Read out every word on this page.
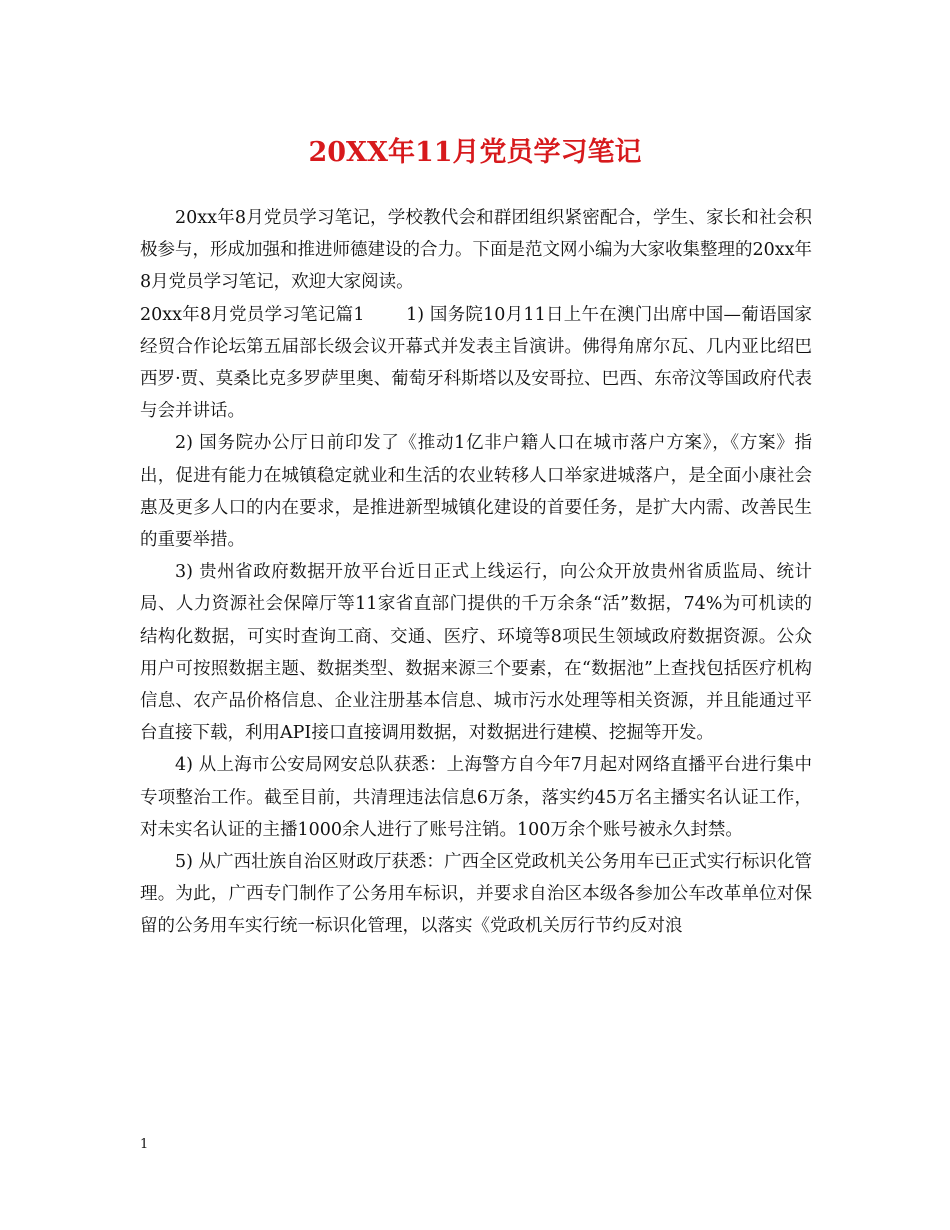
20XX年11月党员学习笔记

20xx年8月党员学习笔记，学校教代会和群团组织紧密配合，学生、家长和社会积极参与，形成加强和推进师德建设的合力。下面是范文网小编为大家收集整理的20xx年8月党员学习笔记，欢迎大家阅读。

20xx年8月党员学习笔记篇1　　 1) 国务院10月11日上午在澳门出席中国—葡语国家经贸合作论坛第五届部长级会议开幕式并发表主旨演讲。佛得角席尔瓦、几内亚比绍巴西罗·贾、莫桑比克多罗萨里奥、葡萄牙科斯塔以及安哥拉、巴西、东帝汶等国政府代表与会并讲话。

2) 国务院办公厅日前印发了《推动1亿非户籍人口在城市落户方案》，《方案》指出，促进有能力在城镇稳定就业和生活的农业转移人口举家进城落户，是全面小康社会惠及更多人口的内在要求，是推进新型城镇化建设的首要任务，是扩大内需、改善民生的重要举措。

3) 贵州省政府数据开放平台近日正式上线运行，向公众开放贵州省质监局、统计局、人力资源社会保障厅等11家省直部门提供的千万余条“活”数据，74%为可机读的结构化数据，可实时查询工商、交通、医疗、环境等8项民生领域政府数据资源。公众用户可按照数据主题、数据类型、数据来源三个要素，在“数据池”上查找包括医疗机构信息、农产品价格信息、企业注册基本信息、城市污水处理等相关资源，并且能通过平台直接下载，利用API接口直接调用数据，对数据进行建模、挖掘等开发。

4) 从上海市公安局网安总队获悉：上海警方自今年7月起对网络直播平台进行集中专项整治工作。截至目前，共清理违法信息6万条，落实约45万名主播实名认证工作，对未实名认证的主播1000余人进行了账号注销。100万余个账号被永久封禁。

5) 从广西壮族自治区财政厅获悉：广西全区党政机关公务用车已正式实行标识化管理。为此，广西专门制作了公务用车标识，并要求自治区本级各参加公车改革单位对保留的公务用车实行统一标识化管理，以落实《党政机关厉行节约反对浪

1
